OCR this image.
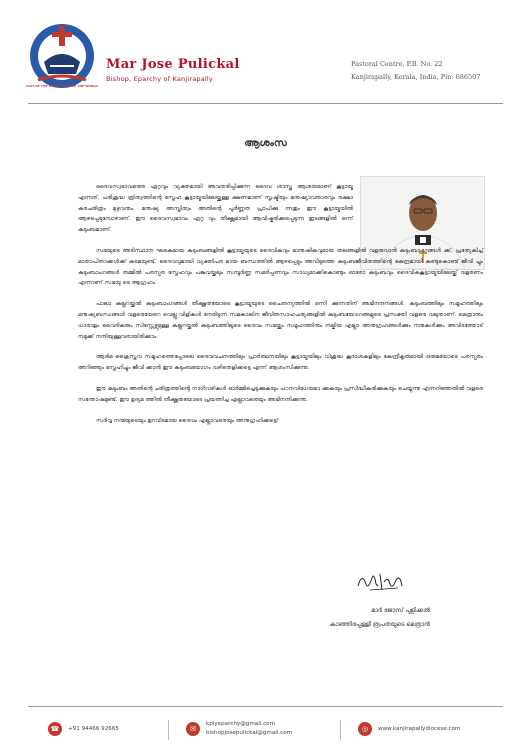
SALT OF THE EARTH LIGHT OF THE WORLD
Mar Jose Pulickal
Bishop, Eparchy of Kanjirapally
Pastoral Centre, P.B. No. 22
Kanjirapally, Kerala, India, Pin: 686507
ആശംസ

ദൈവസ്വഭാവത്തെ ഏറ്റവും വ്യക്തമായി അവതരിപ്പിക്കുന്ന ദൈവ ശാസ്ത്ര ആശയമാണ് കൂട്ടായ്മ എന്നത്. പരിശുദ്ധ ത്രിത്വത്തിന്റെ സ്നേഹ കൂട്ടായ്മയിലേയ്ക്കുള്ള ക്ഷണമാണ് സൃഷ്ടിയും മനുഷ്യാവതാരവും രക്ഷാ കരചരിത്രം മുഴുവനും. മനുഷ്യ അസ്തിത്വം അതിന്റെ പൂർണ്ണത പ്രാപിക്കു ന്നതും ഈ കൂട്ടായ്മയിൽ ആഴപ്പെടുമ്പോഴാണ്. ഈ ദൈവസ്വഭാവം ഏറ്റ വും തീക്ഷ്ണമായി ആവിഷ്കരിക്കപ്പെടുന്ന ഇടങ്ങളിൽ ഒന്ന് കുടുംബമാണ്.

സഭയുടെ അടിസ്ഥാന ഘടകമായ കുടുംബങ്ങളിൽ കൂട്ടായ്മയുടെ ദൈവികവും മാനുഷികവുമായ തലങ്ങളിൽ വളരുവാൻ കുടുംബാംഗങ്ങൾ ക്ക്, പ്രത്യേകിച്ച് മാതാപിതാക്കൾക്ക് കടമയുണ്ട്. ദൈവവുമായി വ്യക്തിപര മായ ബന്ധത്തിൽ ആഴപ്പെട്ടും അവിടുത്തെ കുടുംബജീവിതത്തിന്റെ കേന്ദ്രമായി കണ്ടുകൊണ്ട് ജീവി ച്ചും കുടുംബാംഗങ്ങൾ തമ്മിൽ പരസ്പര സ്നേഹവും പങ്കുവയ്ക്കലും സമ്പൂർണ്ണ സമർപ്പണവും സാധ്യമാക്കികൊണ്ടും ഓരോ കുടുംബവും ദൈവികകൂട്ടായ്മയിലേയ്ക്ക് വളരണം എന്നാണ് സഭയു ടെ ആഗ്രഹം.

പാലാ കല്ലറയ്ക്കൽ കുടുംബാംഗങ്ങൾ തീക്ഷ്ണതയോടെ കൂട്ടായ്മയുടെ ചൈതന്യത്തിൽ ഒന്നി ക്കുന്നതിന് അഭിനന്ദനങ്ങൾ. കുടുംബത്തിലും സമൂഹത്തിലും മനുഷ്യബന്ധങ്ങൾ വളരെയേറെ വെല്ലു വിളികൾ നേരിടുന്ന സമകാലിന ജീവിതസാഹചര്യങ്ങളിൽ കുടുംബയോഗങ്ങളുടെ പ്രസക്തി വളരെ വലുതാണ്. മെത്രാനും ധാരാളം വൈദികരും സിസ്റ്റേഴ്സുമുള്ള കല്ലറയ്ക്കൽ കുടുംബത്തിലൂടെ ദൈവം സഭയ്ക്കും സമൂഹത്തിനും നല്കിയ എല്ലാ അനുഗ്രഹങ്ങൾക്കും നന്മകൾക്കും അവിടത്തോട് നമുക്ക് നന്ദിയുള്ളവരായിരിക്കാം.

ആദിമ ക്രൈസ്തവ സമൂഹത്തെപ്പോലെ ദൈവവചനത്തിലും പ്രാർത്ഥനയിലും കൂട്ടായ്മയിലും വിശുദ്ധ കൂദാശകളിലും കേന്ദ്രീകൃതമായി ഒരുമയോടെ പരസ്പരം അറിഞ്ഞും സ്നേഹിച്ചും ജീവി ക്കാൻ ഈ കുടുംബയോഗം വഴിതെളിക്കട്ടെ എന്ന് ആശംസിക്കുന്നു.

ഈ കുടുംബം അതിന്റെ ചരിത്രത്തിന്റെ നാൾവഴികൾ ഓർമ്മിച്ചെടുക്കുകയും പഠനവിധേയമാ ക്കുകയും പ്രസിദ്ധീകരിക്കുകയും ചെയ്യുന്നു എന്നറിഞ്ഞതിൽ വളരെ സന്തോഷമുണ്ട്. ഈ ഉദ്യമ ത്തിൽ തീക്ഷ്ണതയോടെ പ്രയത്നിച്ച എല്ലാവരെയും അഭിനന്ദിക്കുന്നു.

സർവ്വ നന്മയുടെയും ഉറവിടമായ ദൈവം എല്ലാവരെയും അനുഗ്രഹിക്കട്ടെ!

മാർ ജോസ് പുളിക്കൽ
കാഞ്ഞിരപ്പള്ളി രൂപതയുടെ മെത്രാൻ
☎	+91 94466 92665	✉
kplyeparchy@gmail.com
bishopjosepulickal@gmail.com	◎	www.kanjirapallydiocese.com
